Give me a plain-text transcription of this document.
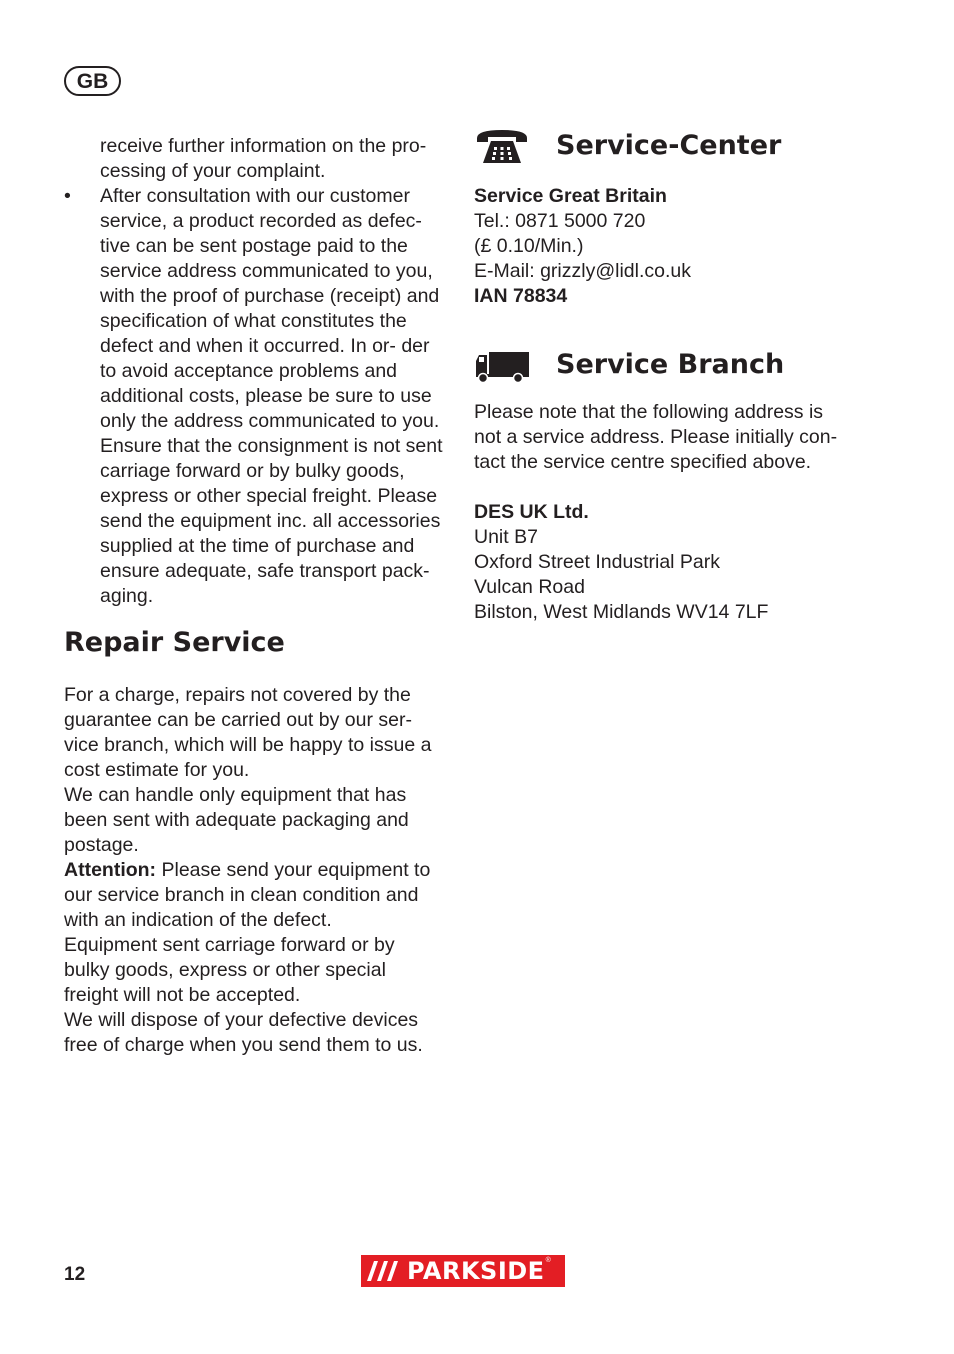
GB

receive further information on the pro- cessing of your complaint.

• After consultation with our customer service, a product recorded as defec- tive can be sent postage paid to the service address communicated to you, with the proof of purchase (receipt) and specification of what constitutes the defect and when it occurred. In or- der to avoid acceptance problems and additional costs, please be sure to use only the address communicated to you. Ensure that the consignment is not sent carriage forward or by bulky goods, express or other special freight. Please send the equipment inc. all accessories supplied at the time of purchase and ensure adequate, safe transport pack- aging.
Repair Service

For a charge, repairs not covered by the guarantee can be carried out by our ser- vice branch, which will be happy to issue a cost estimate for you.

We can handle only equipment that has been sent with adequate packaging and postage.

Attention: Please send your equipment to our service branch in clean condition and with an indication of the defect.

Equipment sent carriage forward or by bulky goods, express or other special freight will not be accepted.

We will dispose of your defective devices free of charge when you send them to us.

Service-Center

Service Great Britain

Tel.: 0871 5000 720

(£ 0.10/Min.)

E-Mail: grizzly@lidl.co.uk

IAN 78834

Service Branch

Please note that the following address is not a service address. Please initially con- tact the service centre specified above.

DES UK Ltd.

Unit B7

Oxford Street Industrial Park

Vulcan Road

Bilston, West Midlands WV14 7LF

12	PARKSIDE ®
